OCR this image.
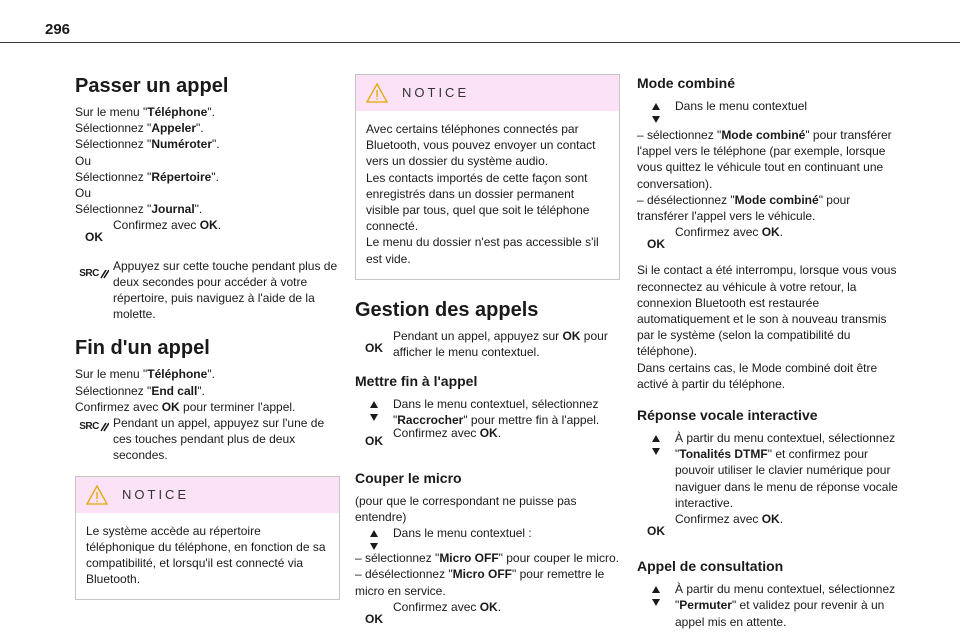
296
Passer un appel

Sur le menu "Téléphone".

Sélectionnez "Appeler".

Sélectionnez "Numéroter".

Ou

Sélectionnez "Répertoire".

Ou

Sélectionnez "Journal".

OK

Confirmez avec OK.

SRC

Appuyez sur cette touche pendant plus de deux secondes pour accéder à votre répertoire, puis naviguez à l'aide de la molette.

Fin d'un appel

Sur le menu "Téléphone".

Sélectionnez "End call".

Confirmez avec OK pour terminer l'appel.

SRC Pendant un appel, appuyez sur l'une de ces touches pendant plus de deux secondes.

NOTICE

Le système accède au répertoire téléphonique du téléphone, en fonction de sa compatibilité, et lorsqu'il est connecté via Bluetooth.

NOTICE

Avec certains téléphones connectés par Bluetooth, vous pouvez envoyer un contact vers un dossier du système audio.

Les contacts importés de cette façon sont enregistrés dans un dossier permanent visible par tous, quel que soit le téléphone connecté.

Le menu du dossier n'est pas accessible s'il est vide.

Gestion des appels
OK

Pendant un appel, appuyez sur OK pour afficher le menu contextuel.

Mettre fin à l'appel

Dans le menu contextuel, sélectionnez "Raccrocher" pour mettre fin à l'appel.

OK

Confirmez avec OK.

Couper le micro

(pour que le correspondant ne puisse pas entendre)

Dans le menu contextuel :

– sélectionnez "Micro OFF" pour couper le micro.

– désélectionnez "Micro OFF" pour remettre le micro en service.

OK

Confirmez avec OK.

Mode combiné

Dans le menu contextuel

– sélectionnez "Mode combiné" pour transférer l'appel vers le téléphone (par exemple, lorsque vous quittez le véhicule tout en continuant une conversation).

– désélectionnez "Mode combiné" pour transférer l'appel vers le véhicule.

OK

Confirmez avec OK.

Si le contact a été interrompu, lorsque vous vous reconnectez au véhicule à votre retour, la connexion Bluetooth est restaurée automatiquement et le son à nouveau transmis par le système (selon la compatibilité du téléphone).

Dans certains cas, le Mode combiné doit être activé à partir du téléphone.

Réponse vocale interactive

À partir du menu contextuel, sélectionnez "Tonalités DTMF" et confirmez pour pouvoir utiliser le clavier numérique pour naviguer dans le menu de réponse vocale interactive.

OK

Confirmez avec OK.

Appel de consultation

À partir du menu contextuel, sélectionnez "Permuter" et validez pour revenir à un appel mis en attente.
